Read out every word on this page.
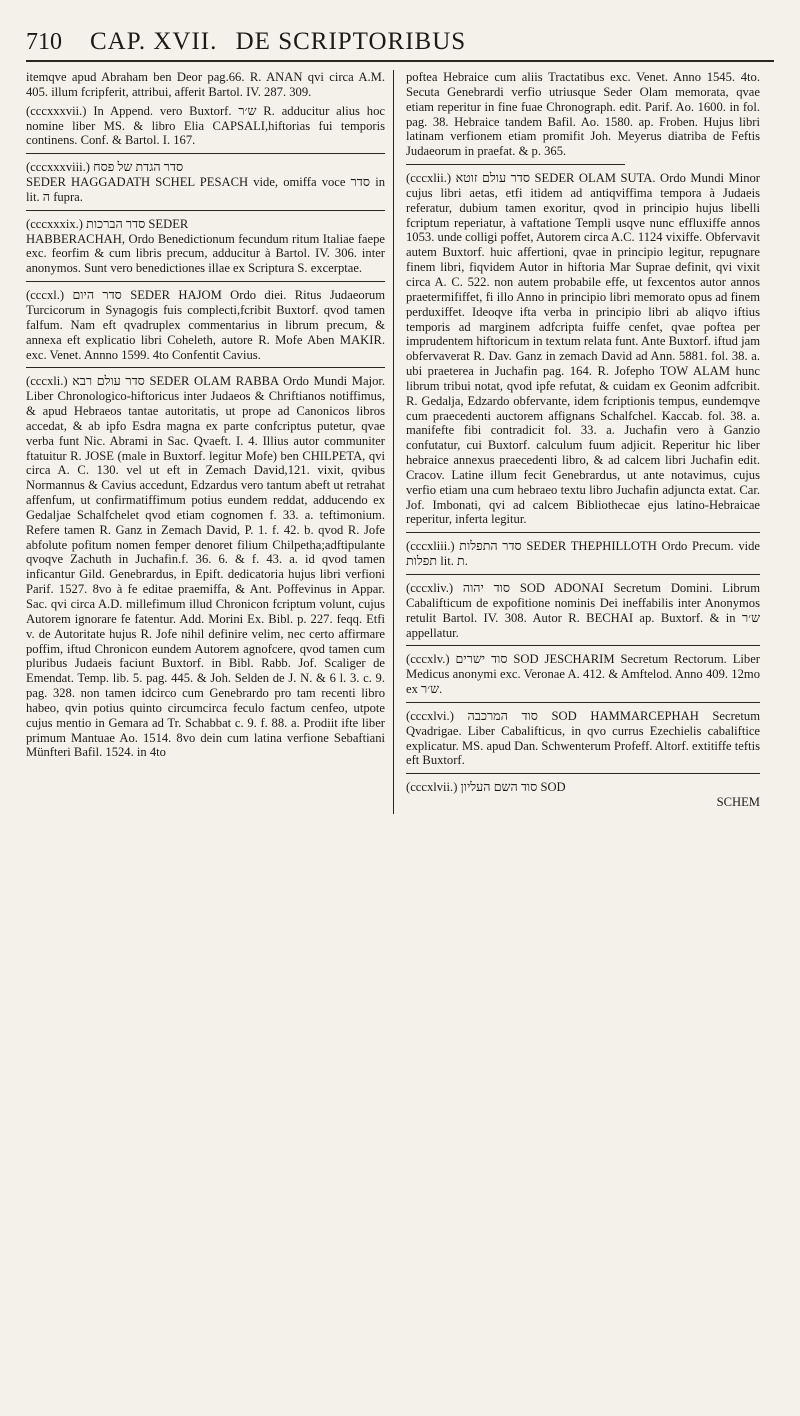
710	CAP. XVII.
DE SCRIPTORIBUS

itemqve apud Abraham ben Deor pag.66. R. ANAN qvi circa A.M. 405. illum fcripferit, attribui, afferit Bartol. IV. 287. 309.

(cccxxxvii.) In Append. vero Buxtorf. ש׳ר R. adducitur alius hoc nomine liber MS. & libro Elia CAPSALI,hiftorias fui temporis continens. Conf. & Bartol. I. 167.

(cccxxxviii.) סדר הגדת של פסח
SEDER HAGGADATH SCHEL PESACH vide, omiffa voce סדר in lit. ה fupra.

(cccxxxix.) סדר הברכות SEDER
HABBERACHAH, Ordo Benedictionum fecundum ritum Italiae faepe exc. feorfim & cum libris precum, adducitur à Bartol. IV. 306. inter anonymos. Sunt vero benedictiones illae ex Scriptura S. excerptae.

(cccxl.) סדר היום SEDER HAJOM Ordo diei. Ritus Judaeorum Turcicorum in Synagogis fuis complecti,fcribit Buxtorf. qvod tamen falfum. Nam eft qvadruplex commentarius in librum precum, & annexa eft explicatio libri Coheleth, autore R. Mofe Aben MAKIR. exc. Venet. Annno 1599. 4to Confentit Cavius.

(cccxli.) סדר עולם רבא SEDER OLAM RABBA Ordo Mundi Major. Liber Chronologico-hiftoricus inter Judaeos & Chriftianos notiffimus, & apud Hebraeos tantae autoritatis, ut prope ad Canonicos libros accedat, & ab ipfo Esdra magna ex parte confcriptus putetur, qvae verba funt Nic. Abrami in Sac. Qvaeft. I. 4. Illius autor communiter ftatuitur R. JOSE (male in Buxtorf. legitur Mofe) ben CHILPETA, qvi circa A. C. 130. vel ut eft in Zemach David,121. vixit, qvibus Normannus & Cavius accedunt, Edzardus vero tantum abeft ut retrahat affenfum, ut confirmatiffimum potius eundem reddat, adducendo ex Gedaljae Schalfchelet qvod etiam cognomen f. 33. a. teftimonium. Refere tamen R. Ganz in Zemach David, P. 1. f. 42. b. qvod R. Jofe abfolute pofitum nomen femper denoret filium Chilpetha;adftipulante qvoqve Zachuth in Juchafin.f. 36. 6. & f. 43. a. id qvod tamen inficantur Gild. Genebrardus, in Epift. dedicatoria hujus libri verfioni Parif. 1527. 8vo à fe editae praemiffa, & Ant. Poffevinus in Appar. Sac. qvi circa A.D. millefimum illud Chronicon fcriptum volunt, cujus Autorem ignorare fe fatentur. Add. Morini Ex. Bibl. p. 227. feqq. Etfi v. de Autoritate hujus R. Jofe nihil definire velim, nec certo affirmare poffim, iftud Chronicon eundem Autorem agnofcere, qvod tamen cum pluribus Judaeis faciunt Buxtorf. in Bibl. Rabb. Jof. Scaliger de Emendat. Temp. lib. 5. pag. 445. & Joh. Selden de J. N. & 6 l. 3. c. 9. pag. 328. non tamen idcirco cum Genebrardo pro tam recenti libro habeo, qvin potius quinto circumcirca feculo factum cenfeo, utpote cujus mentio in Gemara ad Tr. Schabbat c. 9. f. 88. a. Prodiit ifte liber primum Mantuae Ao. 1514. 8vo dein cum latina verfione Sebaftiani Münfteri Bafil. 1524. in 4to

poftea Hebraice cum aliis Tractatibus exc. Venet. Anno 1545. 4to. Secuta Genebrardi verfio utriusque Seder Olam memorata, qvae etiam reperitur in fine fuae Chronograph. edit. Parif. Ao. 1600. in fol. pag. 38. Hebraice tandem Bafil. Ao. 1580. ap. Froben. Hujus libri latinam verfionem etiam promifit Joh. Meyerus diatriba de Feftis Judaeorum in praefat. & p. 365.

(cccxlii.) סדר עולם זוטא SEDER OLAM SUTA. Ordo Mundi Minor cujus libri aetas, etfi itidem ad antiqviffima tempora à Judaeis referatur, dubium tamen exoritur, qvod in principio hujus libelli fcriptum reperiatur, à vaftatione Templi usqve nunc effluxiffe annos 1053. unde colligi poffet, Autorem circa A.C. 1124 vixiffe. Obfervavit autem Buxtorf. huic affertioni, qvae in principio legitur, repugnare finem libri, fiqvidem Autor in hiftoria Mar Suprae definit, qvi vixit circa A. C. 522. non autem probabile effe, ut fexcentos autor annos praetermififfet, fi illo Anno in principio libri memorato opus ad finem perduxiffet. Ideoqve ifta verba in principio libri ab aliqvo iftius temporis ad marginem adfcripta fuiffe cenfet, qvae poftea per imprudentem hiftoricum in textum relata funt. Ante Buxtorf. iftud jam obfervaverat R. Dav. Ganz in zemach David ad Ann. 5881. fol. 38. a. ubi praeterea in Juchafin pag. 164. R. Jofepho TOW ALAM hunc librum tribui notat, qvod ipfe refutat, & cuidam ex Geonim adfcribit. R. Gedalja, Edzardo obfervante, idem fcriptionis tempus, eundemqve cum praecedenti auctorem affignans Schalfchel. Kaccab. fol. 38. a. manifefte fibi contradicit fol. 33. a. Juchafin vero à Ganzio confutatur, cui Buxtorf. calculum fuum adjicit. Reperitur hic liber hebraice annexus praecedenti libro, & ad calcem libri Juchafin edit. Cracov. Latine illum fecit Genebrardus, ut ante notavimus, cujus verfio etiam una cum hebraeo textu libro Juchafin adjuncta extat. Car. Jof. Imbonati, qvi ad calcem Bibliothecae ejus latino-Hebraicae reperitur, inferta legitur.

(cccxliii.) סדר התפלות SEDER THEPHILLOTH Ordo Precum. vide תפלות lit. ת.

(cccxliv.) סוד יהוה SOD ADONAI Secretum Domini. Librum Cabalifticum de expofitione nominis Dei ineffabilis inter Anonymos retulit Bartol. IV. 308. Autor R. BECHAI ap. Buxtorf. & in ש׳ר appellatur.

(cccxlv.) סוד ישרים SOD JESCHARIM Secretum Rectorum. Liber Medicus anonymi exc. Veronae A. 412. & Amftelod. Anno 409. 12mo ex ש׳ר.

(cccxlvi.) סוד המרכבה SOD HAMMARCEPHAH Secretum Qvadrigae. Liber Cabalifticus, in qvo currus Ezechielis cabaliftice explicatur. MS. apud Dan. Schwenterum Profeff. Altorf. extitiffe teftis eft Buxtorf.

(cccxlvii.) סוד השם העליון SOD
SCHEM
